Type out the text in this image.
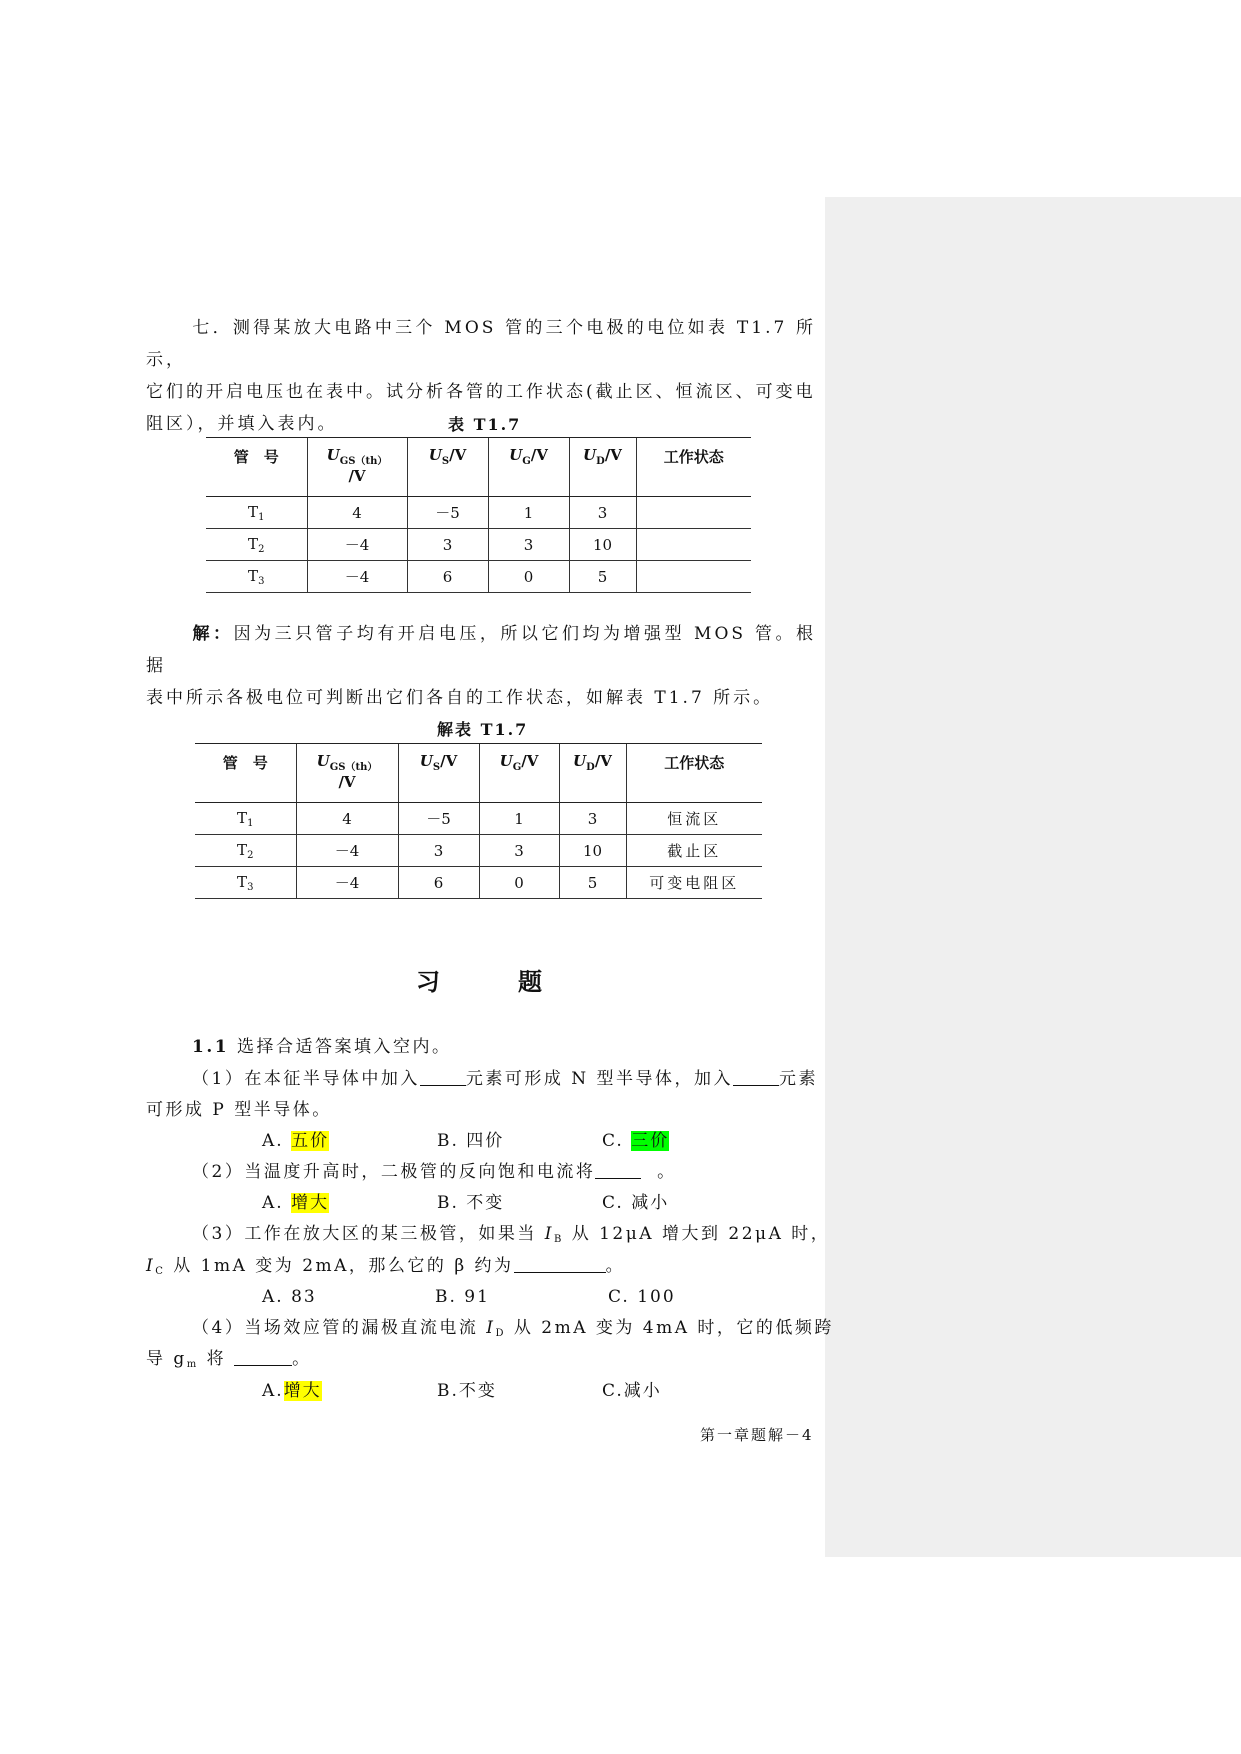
七．测得某放大电路中三个 MOS 管的三个电极的电位如表 T1.7 所示，
它们的开启电压也在表中。试分析各管的工作状态(截止区、恒流区、可变电
阻区），并填入表内。	表 T1.7
管　号	$U_{GS(th)}$
/V	$U_S/V$	$U_G/V$	$U_D/V$	工作状态
$T_1$	4	－5	1	3	
$T_2$	－4	3	3	10	
$T_3$	－4	6	0	5	

解：因为三只管子均有开启电压，所以它们均为增强型 MOS 管。根据
表中所示各极电位可判断出它们各自的工作状态，如解表 T1.7 所示。

解表 T1.7
管　号	$U_{GS(th)}$
/V	$U_S/V$	$U_G/V$	$U_D/V$	工作状态
$T_1$	4	－5	1	3	恒流区
$T_2$	－4	3	3	10	截止区
$T_3$	－4	6	0	5	可变电阻区
习	题
1.1 选择合适答案填入空内。
（1）在本征半导体中加入	元素可形成 N 型半导体，加入	元素
可形成 P 型半导体。
A. 五价	B. 四价	C. 三价
（2）当温度升高时，二极管的反向饱和电流将	。
A. 增大	B. 不变	C. 减小
（3）工作在放大区的某三极管，如果当 $I_B$ 从 12μA 增大到 22μA 时，
$I_C$ 从 1mA 变为 2mA，那么它的 β 约为	。
A. 83	B. 91	C. 100
（4）当场效应管的漏极直流电流 $I_D$ 从 2mA 变为 4mA 时，它的低频跨
导 $g_m$ 将	。
A.增大	B.不变	C.减小
第一章题解－4
